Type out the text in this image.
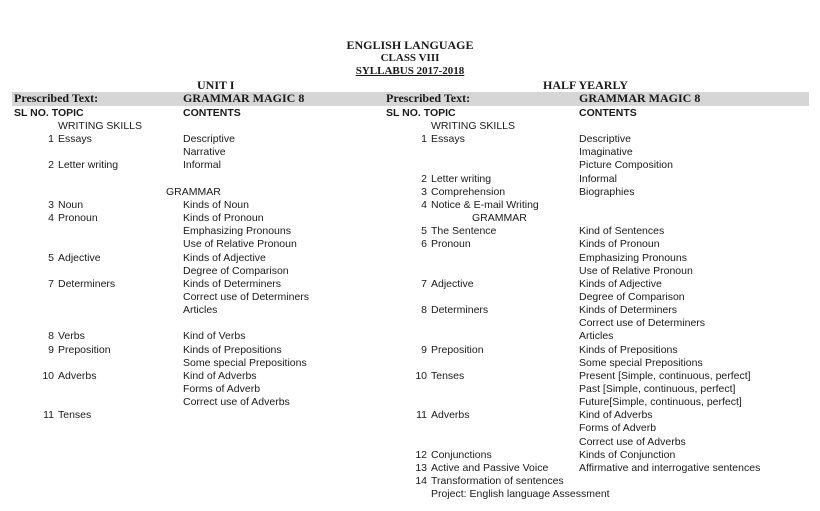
ENGLISH LANGUAGE
CLASS VIII
SYLLABUS 2017-2018
UNIT I	HALF YEARLY
Prescribed Text:	GRAMMAR MAGIC 8	Prescribed Text:	GRAMMAR MAGIC 8
SL NO. TOPIC	CONTENTS	SL NO. TOPIC	CONTENTS
WRITING SKILLS
1 Essays	Descriptive
Narrative
2 Letter writing	Informal
GRAMMAR
3 Noun	Kinds of Noun
4 Pronoun	Kinds of Pronoun
Emphasizing Pronouns
Use of Relative Pronoun
5 Adjective	Kinds of Adjective
Degree of Comparison
7 Determiners	Kinds of Determiners
Correct use of Determiners
Articles
8 Verbs	Kind of Verbs
9 Preposition	Kinds of Prepositions
Some special Prepositions
10 Adverbs	Kind of Adverbs
Forms of Adverb
Correct use of Adverbs
11 Tenses
WRITING SKILLS
1 Essays	Descriptive
Imaginative
Picture Composition
2 Letter writing	Informal
3 Comprehension	Biographies
4 Notice & E-mail Writing
GRAMMAR
5 The Sentence	Kind of Sentences
6 Pronoun	Kinds of Pronoun
Emphasizing Pronouns
Use of Relative Pronoun
7 Adjective	Kinds of Adjective
Degree of Comparison
8 Determiners	Kinds of Determiners
Correct use of Determiners
Articles
9 Preposition	Kinds of Prepositions
Some special Prepositions
10 Tenses	Present [Simple, continuous, perfect]
Past [Simple, continuous, perfect]
Future[Simple, continuous, perfect]
11 Adverbs	Kind of Adverbs
Forms of Adverb
Correct use of Adverbs
12 Conjunctions	Kinds of Conjunction
13 Active and Passive Voice	Affirmative and interrogative sentences
14 Transformation of sentences
Project: English language Assessment
